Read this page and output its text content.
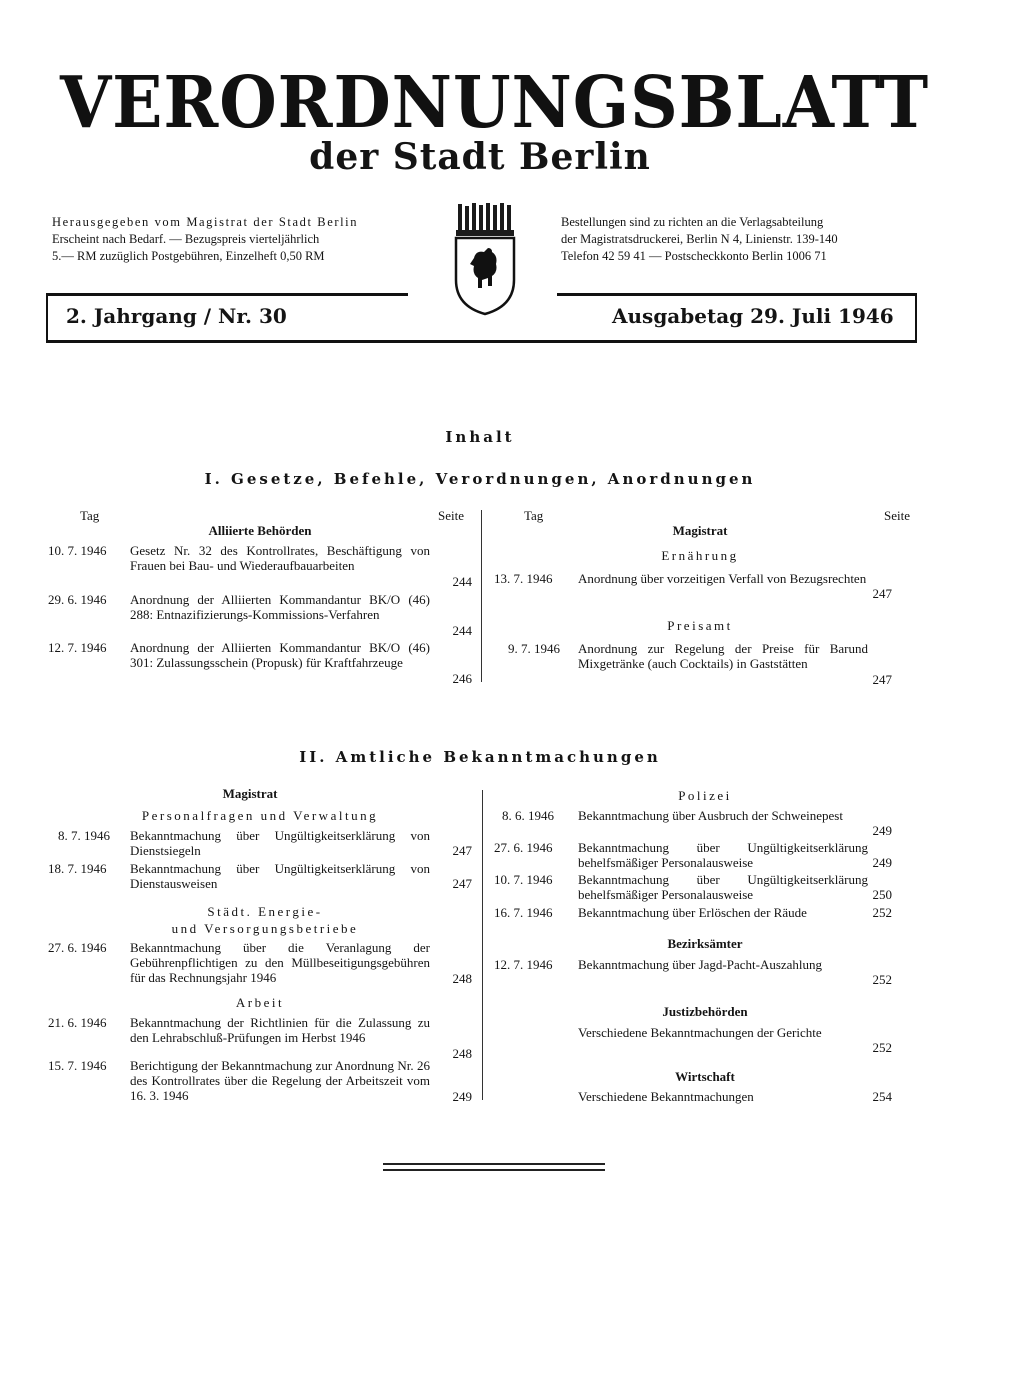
VERORDNUNGSBLATT
der Stadt Berlin
Herausgegeben vom Magistrat der Stadt Berlin
Erscheint nach Bedarf. — Bezugspreis vierteljährlich
5.— RM zuzüglich Postgebühren, Einzelheft 0,50 RM
Bestellungen sind zu richten an die Verlagsabteilung
der Magistratsdruckerei, Berlin N 4, Linienstr. 139-140
Telefon 42 59 41 — Postscheckkonto Berlin 1006 71
2. Jahrgang / Nr. 30	Ausgabetag 29. Juli 1946
Inhalt
I. Gesetze, Befehle, Verordnungen, Anordnungen
Tag	Seite	Tag	Seite
Alliierte Behörden
10. 7. 1946 Gesetz Nr. 32 des Kontrollrates, Beschäftigung von Frauen bei Bau- und Wiederaufbauarbeiten
244
29. 6. 1946 Anordnung der Alliierten Kommandantur BK/O (46) 288: Entnazifizierungs-Kommissions-Verfahren
244
12. 7. 1946 Anordnung der Alliierten Kommandantur BK/O (46) 301: Zulassungsschein (Propusk) für Kraftfahrzeuge
246
Magistrat
Ernährung
13. 7. 1946 Anordnung über vorzeitigen Verfall von Bezugsrechten
247
Preisamt
9. 7. 1946 Anordnung zur Regelung der Preise für Barund Mixgetränke (auch Cocktails) in Gaststätten
247
II. Amtliche Bekanntmachungen
Magistrat
Personalfragen und Verwaltung
8. 7. 1946 Bekanntmachung über Ungültigkeitserklärung von Dienstsiegeln	247
18. 7. 1946 Bekanntmachung über Ungültigkeitserklärung von Dienstausweisen	247
Städt. Energie-
und Versorgungsbetriebe
27. 6. 1946 Bekanntmachung über die Veranlagung der Gebührenpflichtigen zu den Müllbeseitigungsgebühren für das Rechnungsjahr 1946	248
Arbeit
21. 6. 1946 Bekanntmachung der Richtlinien für die Zulassung zu den Lehrabschluß-Prüfungen im Herbst 1946
248
15. 7. 1946 Berichtigung der Bekanntmachung zur Anordnung Nr. 26 des Kontrollrates über die Regelung der Arbeitszeit vom 16. 3. 1946	249
Polizei
8. 6. 1946 Bekanntmachung über Ausbruch der Schweinepest
249
27. 6. 1946 Bekanntmachung über Ungültigkeitserklärung behelfsmäßiger Personalausweise	249
10. 7. 1946 Bekanntmachung über Ungültigkeitserklärung behelfsmäßiger Personalausweise	250
16. 7. 1946 Bekanntmachung über Erlöschen der Räude	252
Bezirksämter
12. 7. 1946 Bekanntmachung über Jagd-Pacht-Auszahlung
252
Justizbehörden
Verschiedene Bekanntmachungen der Gerichte
252
Wirtschaft
Verschiedene Bekanntmachungen	254
